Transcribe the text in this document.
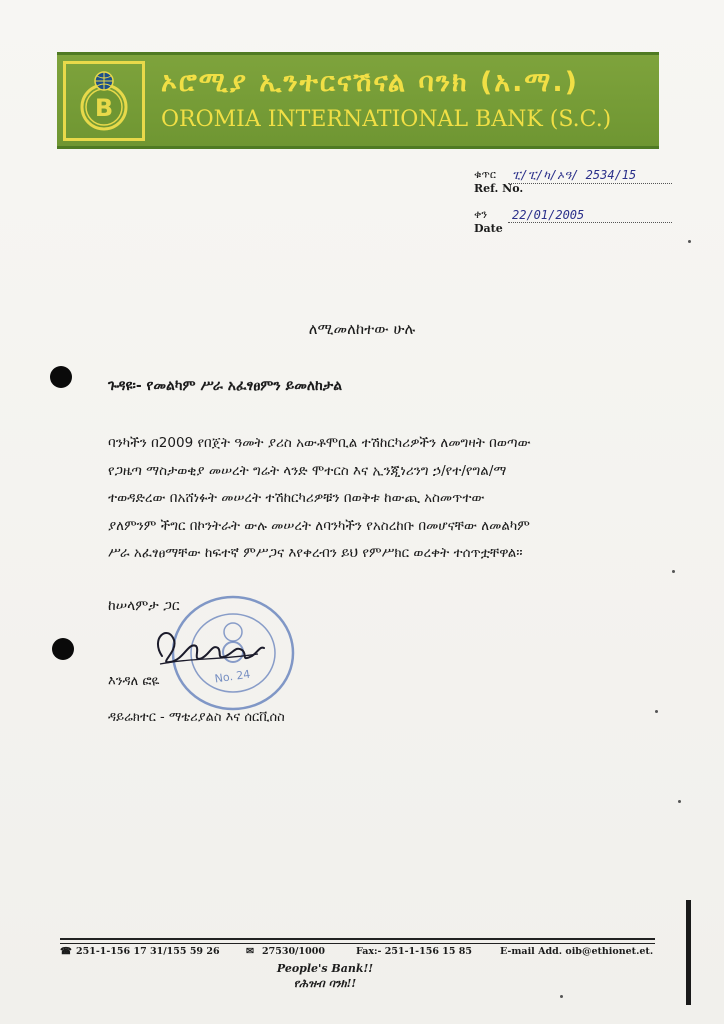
B
ኦሮሚያ ኢንተርናሽናል ባንክ (አ.ማ.)
OROMIA INTERNATIONAL BANK (S.C.)
ቁጥር
Ref. No.
ፒ/ፒ/ካ/ኦዓ/ 2534/15
ቀን
Date
22/01/2005
ለሚመለከተው ሁሉ
ጉዳዩ፡- የመልካም ሥራ አፈፃፀምን ይመለከታል
ባንካችን በ2009 የበጀት ዓመት ያሪስ አውቶሞቢል ተሽከርካሪዎችን ለመግዛት በወጣው
የጋዜጣ ማስታወቂያ መሠረት ግሬት ላንድ ሞተርስ እና ኢንጂነሪንግ ኃ/የተ/የግል/ማ
ተወዳድረው በአሸነፉት መሠረት ተሽከርካሪዎቹን በወቅቱ ከውጪ አስመጥተው
ያለምንም ችግር በኮንትራት ውሉ መሠረት ለባንካችን የአስረከቡ በመሆናቸው ለመልካም
ሥራ አፈፃፀማቸው ከፍተኛ ምሥጋና እየቀረብን ይህ የምሥክር ወረቀት ተሰጥቷቸዋል።
ከሠላምታ ጋር
No. 24
እንዳለ ፎዬ
ዳይሬክተር - ማቴሪያልስ እና ሰርቪሰስ
☎ 251-1-156 17 31/155 59 26	✉ 27530/1000	Fax:- 251-1-156 15 85	E-mail Add. oib@ethionet.et.
People's Bank!!
የሕዝብ ባንክ!!
